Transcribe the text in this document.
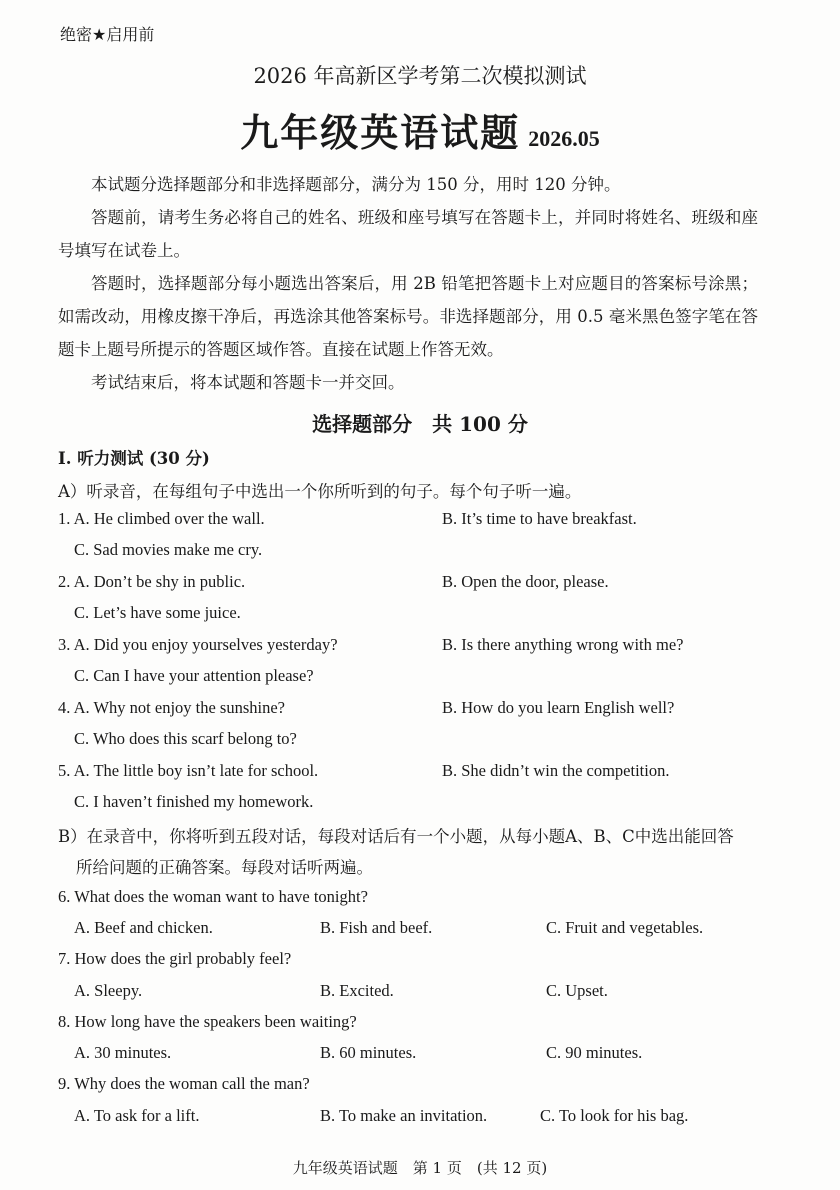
绝密★启用前
2026 年高新区学考第二次模拟测试
九年级英语试题 2026.05

本试题分选择题部分和非选择题部分，满分为 150 分，用时 120 分钟。

答题前，请考生务必将自己的姓名、班级和座号填写在答题卡上，并同时将姓名、班级和座号填写在试卷上。

答题时，选择题部分每小题选出答案后，用 2B 铅笔把答题卡上对应题目的答案标号涂黑；如需改动，用橡皮擦干净后，再选涂其他答案标号。非选择题部分，用 0.5 毫米黑色签字笔在答题卡上题号所提示的答题区域作答。直接在试题上作答无效。

考试结束后，将本试题和答题卡一并交回。

选择题部分　共 100 分
I. 听力测试 (30 分)
A）听录音，在每组句子中选出一个你所听到的句子。每个句子听一遍。
1. A. He climbed over the wall.	B. It’s time to have breakfast.
C. Sad movies make me cry.
2. A. Don’t be shy in public.	B. Open the door, please.
C. Let’s have some juice.
3. A. Did you enjoy yourselves yesterday?	B. Is there anything wrong with me?
C. Can I have your attention please?
4. A. Why not enjoy the sunshine?	B. How do you learn English well?
C. Who does this scarf belong to?
5. A. The little boy isn’t late for school.	B. She didn’t win the competition.
C. I haven’t finished my homework.
B）在录音中，你将听到五段对话，每段对话后有一个小题，从每小题A、B、C中选出能回答
所给问题的正确答案。每段对话听两遍。
6. What does the woman want to have tonight?
A. Beef and chicken.	B. Fish and beef.	C. Fruit and vegetables.
7. How does the girl probably feel?
A. Sleepy.	B. Excited.	C. Upset.
8. How long have the speakers been waiting?
A. 30 minutes.	B. 60 minutes.	C. 90 minutes.
9. Why does the woman call the man?
A. To ask for a lift.	B. To make an invitation.	C. To look for his bag.
九年级英语试题　第 1 页　(共 12 页)
